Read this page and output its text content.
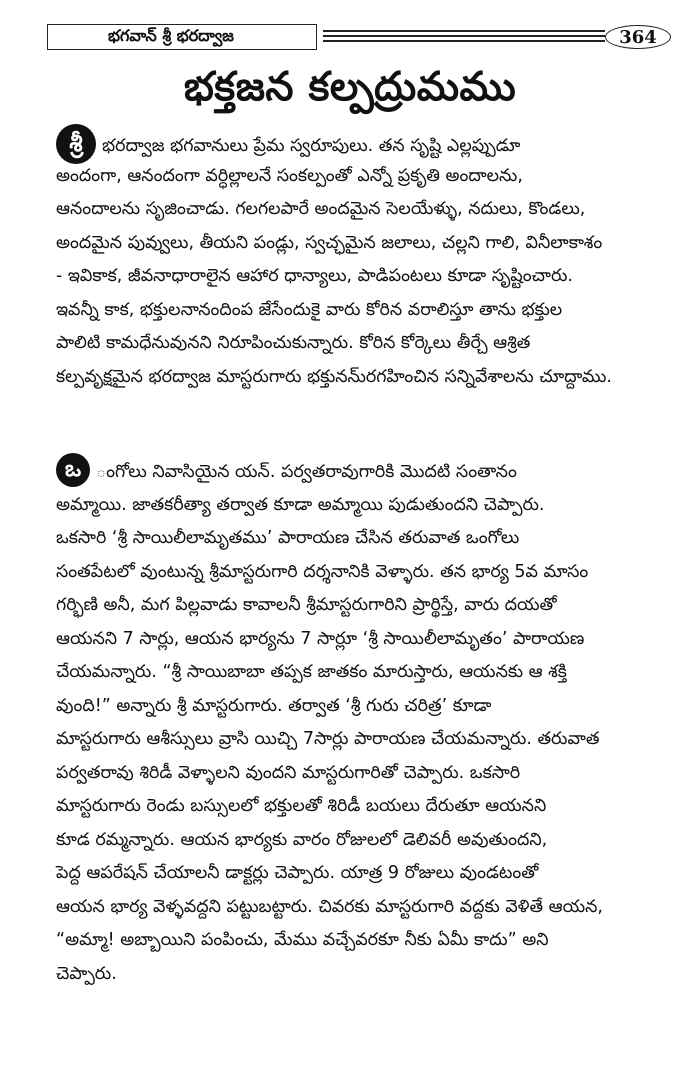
భగవాన్ శ్రీ భరద్వాజ	364
భక్తజన కల్పద్రుమము
శ్రీ భరద్వాజ భగవానులు ప్రేమ స్వరూపులు. తన సృష్టి ఎల్లప్పుడూ
అందంగా, ఆనందంగా వర్ధిల్లాలనే సంకల్పంతో ఎన్నో ప్రకృతి అందాలను,
ఆనందాలను సృజించాడు. గలగలపారే అందమైన సెలయేళ్ళు, నదులు, కొండలు,
అందమైన పువ్వులు, తీయని పండ్లు, స్వచ్ఛమైన జలాలు, చల్లని గాలి, వినీలాకాశం
- ఇవికాక, జీవనాధారాలైన ఆహార ధాన్యాలు, పాడిపంటలు కూడా సృష్టించారు.
ఇవన్నీ కాక, భక్తులనానందింప జేసేందుకై వారు కోరిన వరాలిస్తూ తాను భక్తుల
పాలిటి కామధేనువునని నిరూపించుకున్నారు. కోరిన కోర్కెలు తీర్చే ఆశ్రిత
కల్పవృక్షమైన భరద్వాజ మాస్టరుగారు భక్తునను్రగహించిన సన్నివేశాలను చూద్దాము.
ఒ ంగోలు నివాసియైన యన్. పర్వతరావుగారికి మొదటి సంతానం
అమ్మాయి. జాతకరీత్యా తర్వాత కూడా అమ్మాయి పుడుతుందని చెప్పారు.
ఒకసారి ‘శ్రీ సాయిలీలామృతము’ పారాయణ చేసిన తరువాత ఒంగోలు
సంతపేటలో వుంటున్న శ్రీమాస్టరుగారి దర్శనానికి వెళ్ళారు. తన భార్య 5వ మాసం
గర్భిణి అనీ, మగ పిల్లవాడు కావాలనీ శ్రీమాస్టరుగారిని ప్రార్థిస్తే, వారు దయతో
ఆయనని 7 సార్లు, ఆయన భార్యను 7 సార్లూ ‘శ్రీ సాయిలీలామృతం’ పారాయణ
చేయమన్నారు. “శ్రీ సాయిబాబా తప్పక జాతకం మారుస్తారు, ఆయనకు ఆ శక్తి
వుంది!” అన్నారు శ్రీ మాస్టరుగారు. తర్వాత ‘శ్రీ గురు చరిత్ర’ కూడా
మాస్టరుగారు ఆశీస్సులు వ్రాసి యిచ్చి 7సార్లు పారాయణ చేయమన్నారు. తరువాత
పర్వతరావు శిరిడీ వెళ్ళాలని వుందని మాస్టరుగారితో చెప్పారు. ఒకసారి
మాస్టరుగారు రెండు బస్సులలో భక్తులతో శిరిడీ బయలు దేరుతూ ఆయనని
కూడ రమ్మన్నారు. ఆయన భార్యకు వారం రోజులలో డెలివరీ అవుతుందని,
పెద్ద ఆపరేషన్ చేయాలనీ డాక్టర్లు చెప్పారు. యాత్ర 9 రోజులు వుండటంతో
ఆయన భార్య వెళ్ళవద్దని పట్టుబట్టారు. చివరకు మాస్టరుగారి వద్దకు వెళితే ఆయన,
“అమ్మా! అబ్బాయిని పంపించు, మేము వచ్చేవరకూ నీకు ఏమీ కాదు” అని
చెప్పారు.
